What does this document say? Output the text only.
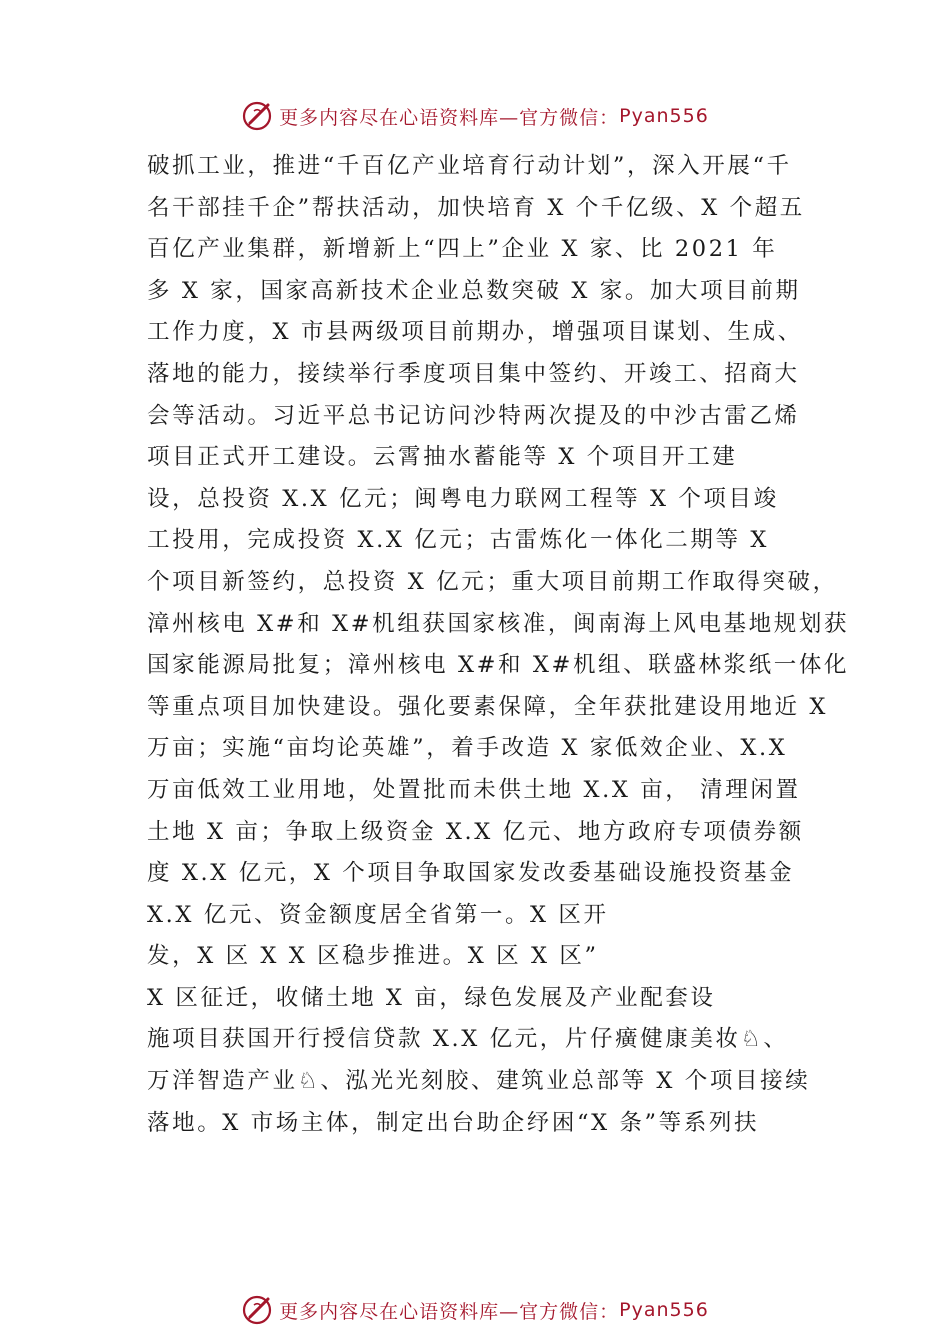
更多内容尽在心语资料库—官方微信： Pyan556
破抓工业，推进“千百亿产业培育行动计划”，深入开展“千
名干部挂千企”帮扶活动，加快培育 X 个千亿级、X 个超五
百亿产业集群，新增新上“四上”企业 X 家、比 2021 年
多 X 家，国家高新技术企业总数突破 X 家。加大项目前期
工作力度，X 市县两级项目前期办，增强项目谋划、生成、
落地的能力，接续举行季度项目集中签约、开竣工、招商大
会等活动。习近平总书记访问沙特两次提及的中沙古雷乙烯
项目正式开工建设。云霄抽水蓄能等 X 个项目开工建
设，总投资 X.X 亿元；闽粤电力联网工程等 X 个项目竣
工投用，完成投资 X.X 亿元；古雷炼化一体化二期等 X
个项目新签约，总投资 X 亿元；重大项目前期工作取得突破，
漳州核电 X#和 X#机组获国家核准，闽南海上风电基地规划获
国家能源局批复；漳州核电 X#和 X#机组、联盛林浆纸一体化
等重点项目加快建设。强化要素保障，全年获批建设用地近 X
万亩；实施“亩均论英雄”，着手改造 X 家低效企业、X.X
万亩低效工业用地，处置批而未供土地 X.X 亩， 清理闲置
土地 X 亩；争取上级资金 X.X 亿元、地方政府专项债券额
度 X.X 亿元，X 个项目争取国家发改委基础设施投资基金
X.X 亿元、资金额度居全省第一。X 区开
发，X 区 X X 区稳步推进。X 区 X 区”
X 区征迁，收储土地 X 亩，绿色发展及产业配套设
施项目获国开行授信贷款 X.X 亿元，片仔癀健康美妆♘、
万洋智造产业♘、泓光光刻胶、建筑业总部等 X 个项目接续
落地。X 市场主体，制定出台助企纾困“X 条”等系列扶
更多内容尽在心语资料库—官方微信： Pyan556
